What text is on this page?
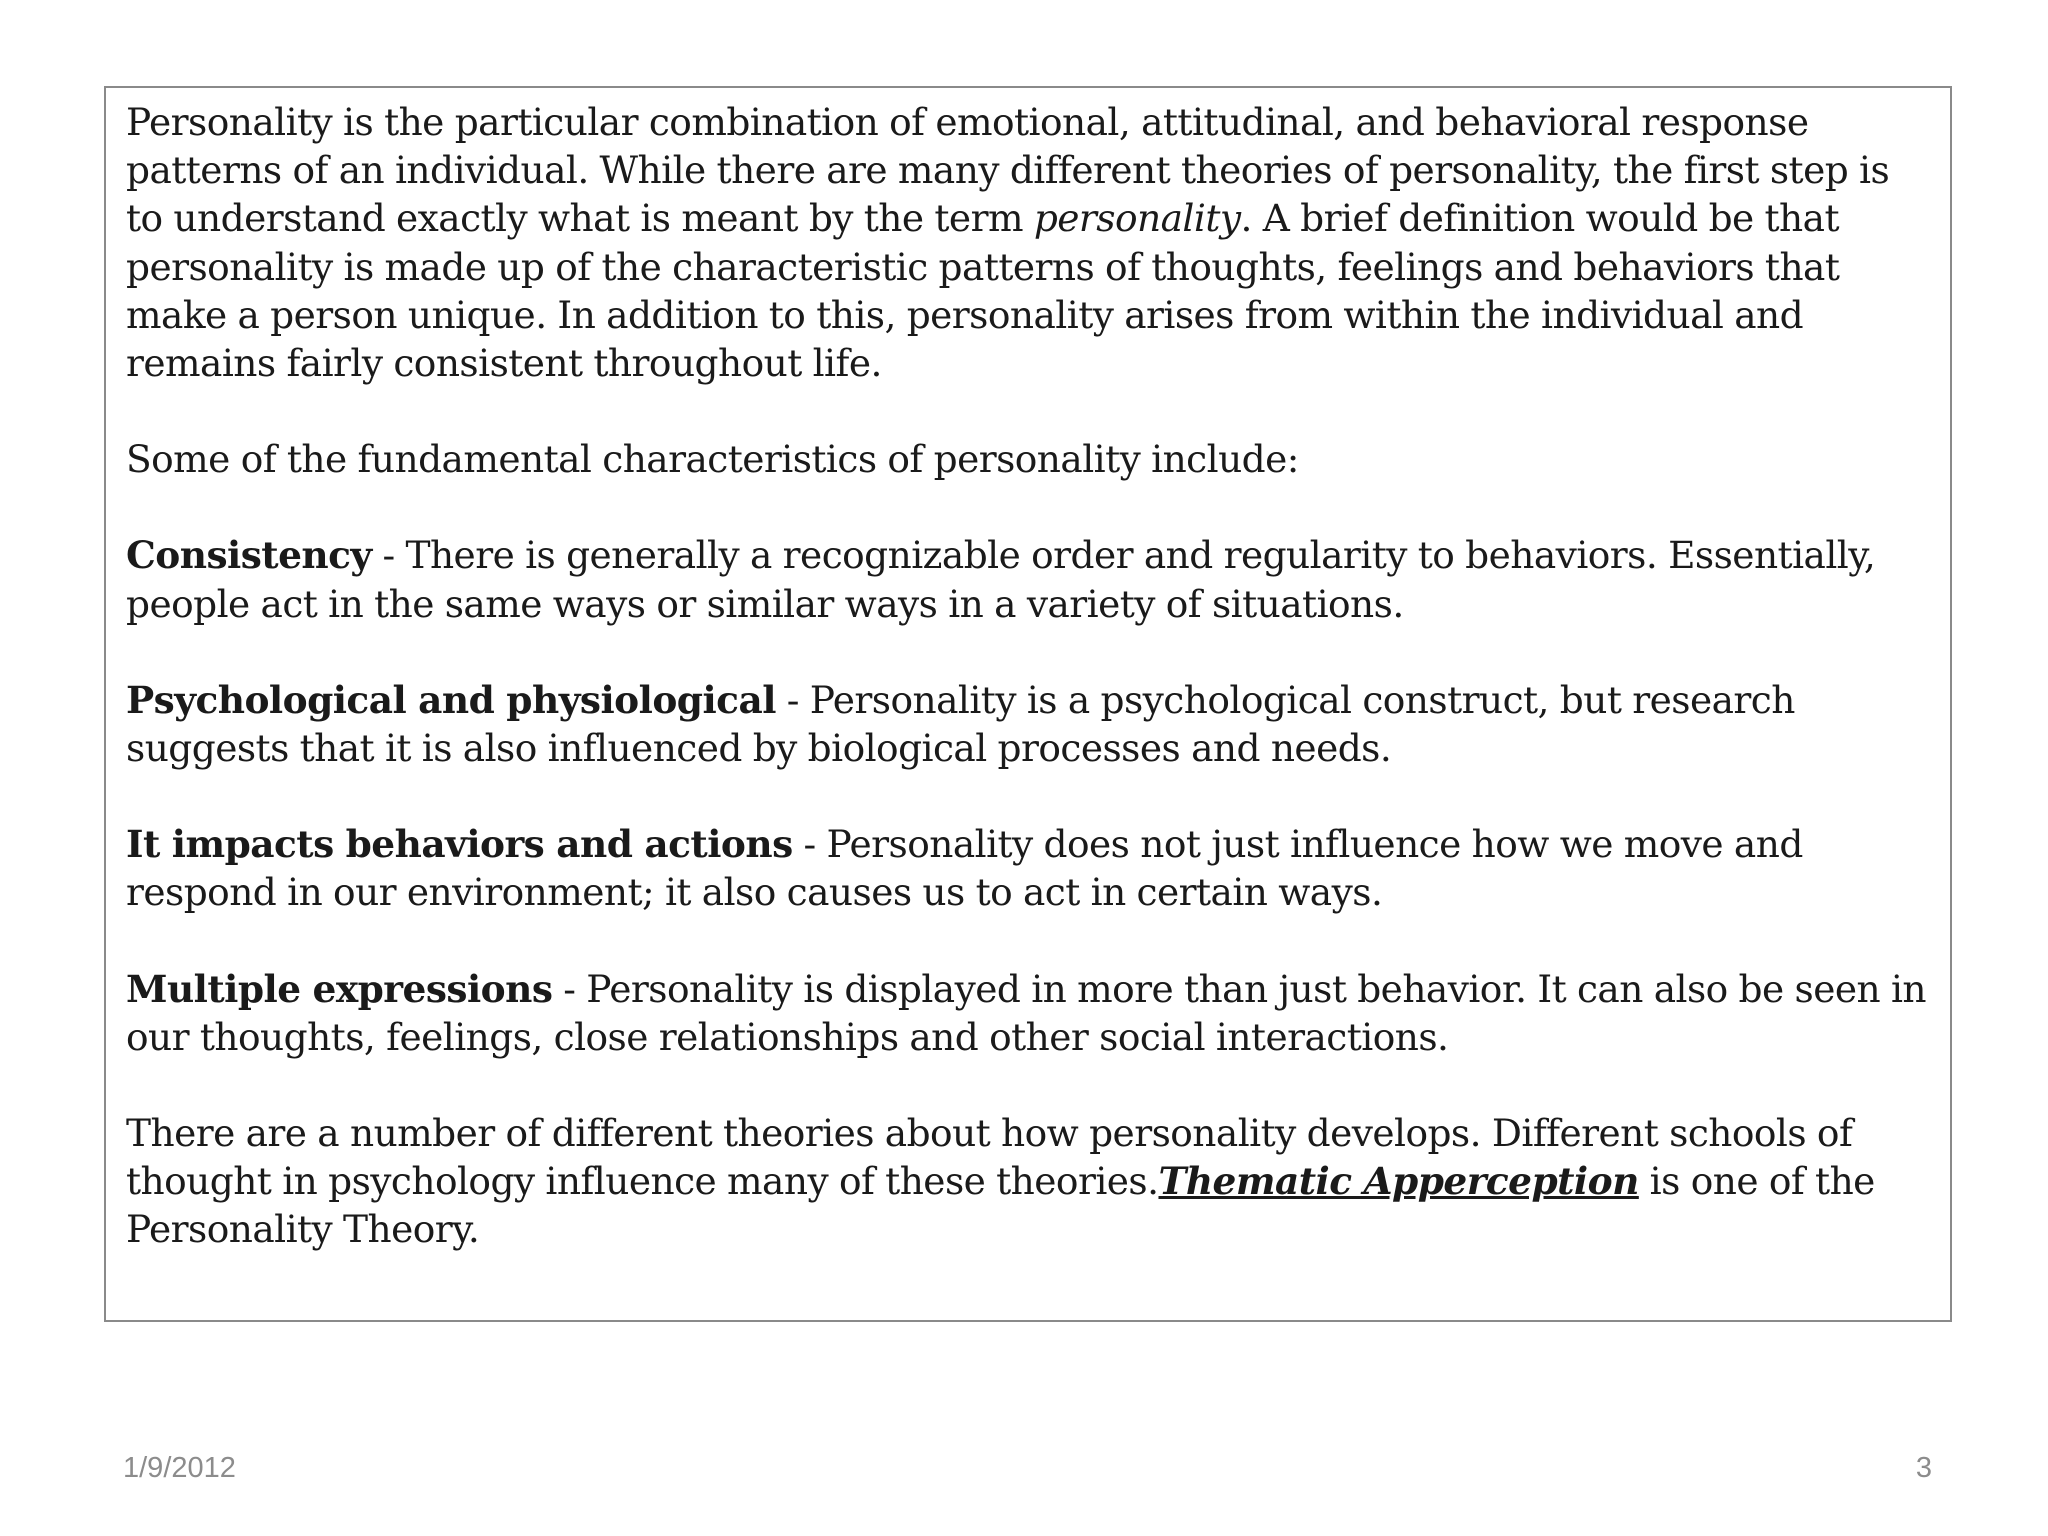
Personality is the particular combination of emotional, attitudinal, and behavioral response patterns of an individual. While there are many different theories of personality, the first step is to understand exactly what is meant by the term personality. A brief definition would be that personality is made up of the characteristic patterns of thoughts, feelings and behaviors that make a person unique. In addition to this, personality arises from within the individual and remains fairly consistent throughout life.

Some of the fundamental characteristics of personality include:

Consistency - There is generally a recognizable order and regularity to behaviors. Essentially, people act in the same ways or similar ways in a variety of situations.

Psychological and physiological - Personality is a psychological construct, but research suggests that it is also influenced by biological processes and needs.

It impacts behaviors and actions - Personality does not just influence how we move and respond in our environment; it also causes us to act in certain ways.

Multiple expressions - Personality is displayed in more than just behavior. It can also be seen in our thoughts, feelings, close relationships and other social interactions.

There are a number of different theories about how personality develops. Different schools of thought in psychology influence many of these theories.Thematic Apperception is one of the Personality Theory.

1/9/2012	3
